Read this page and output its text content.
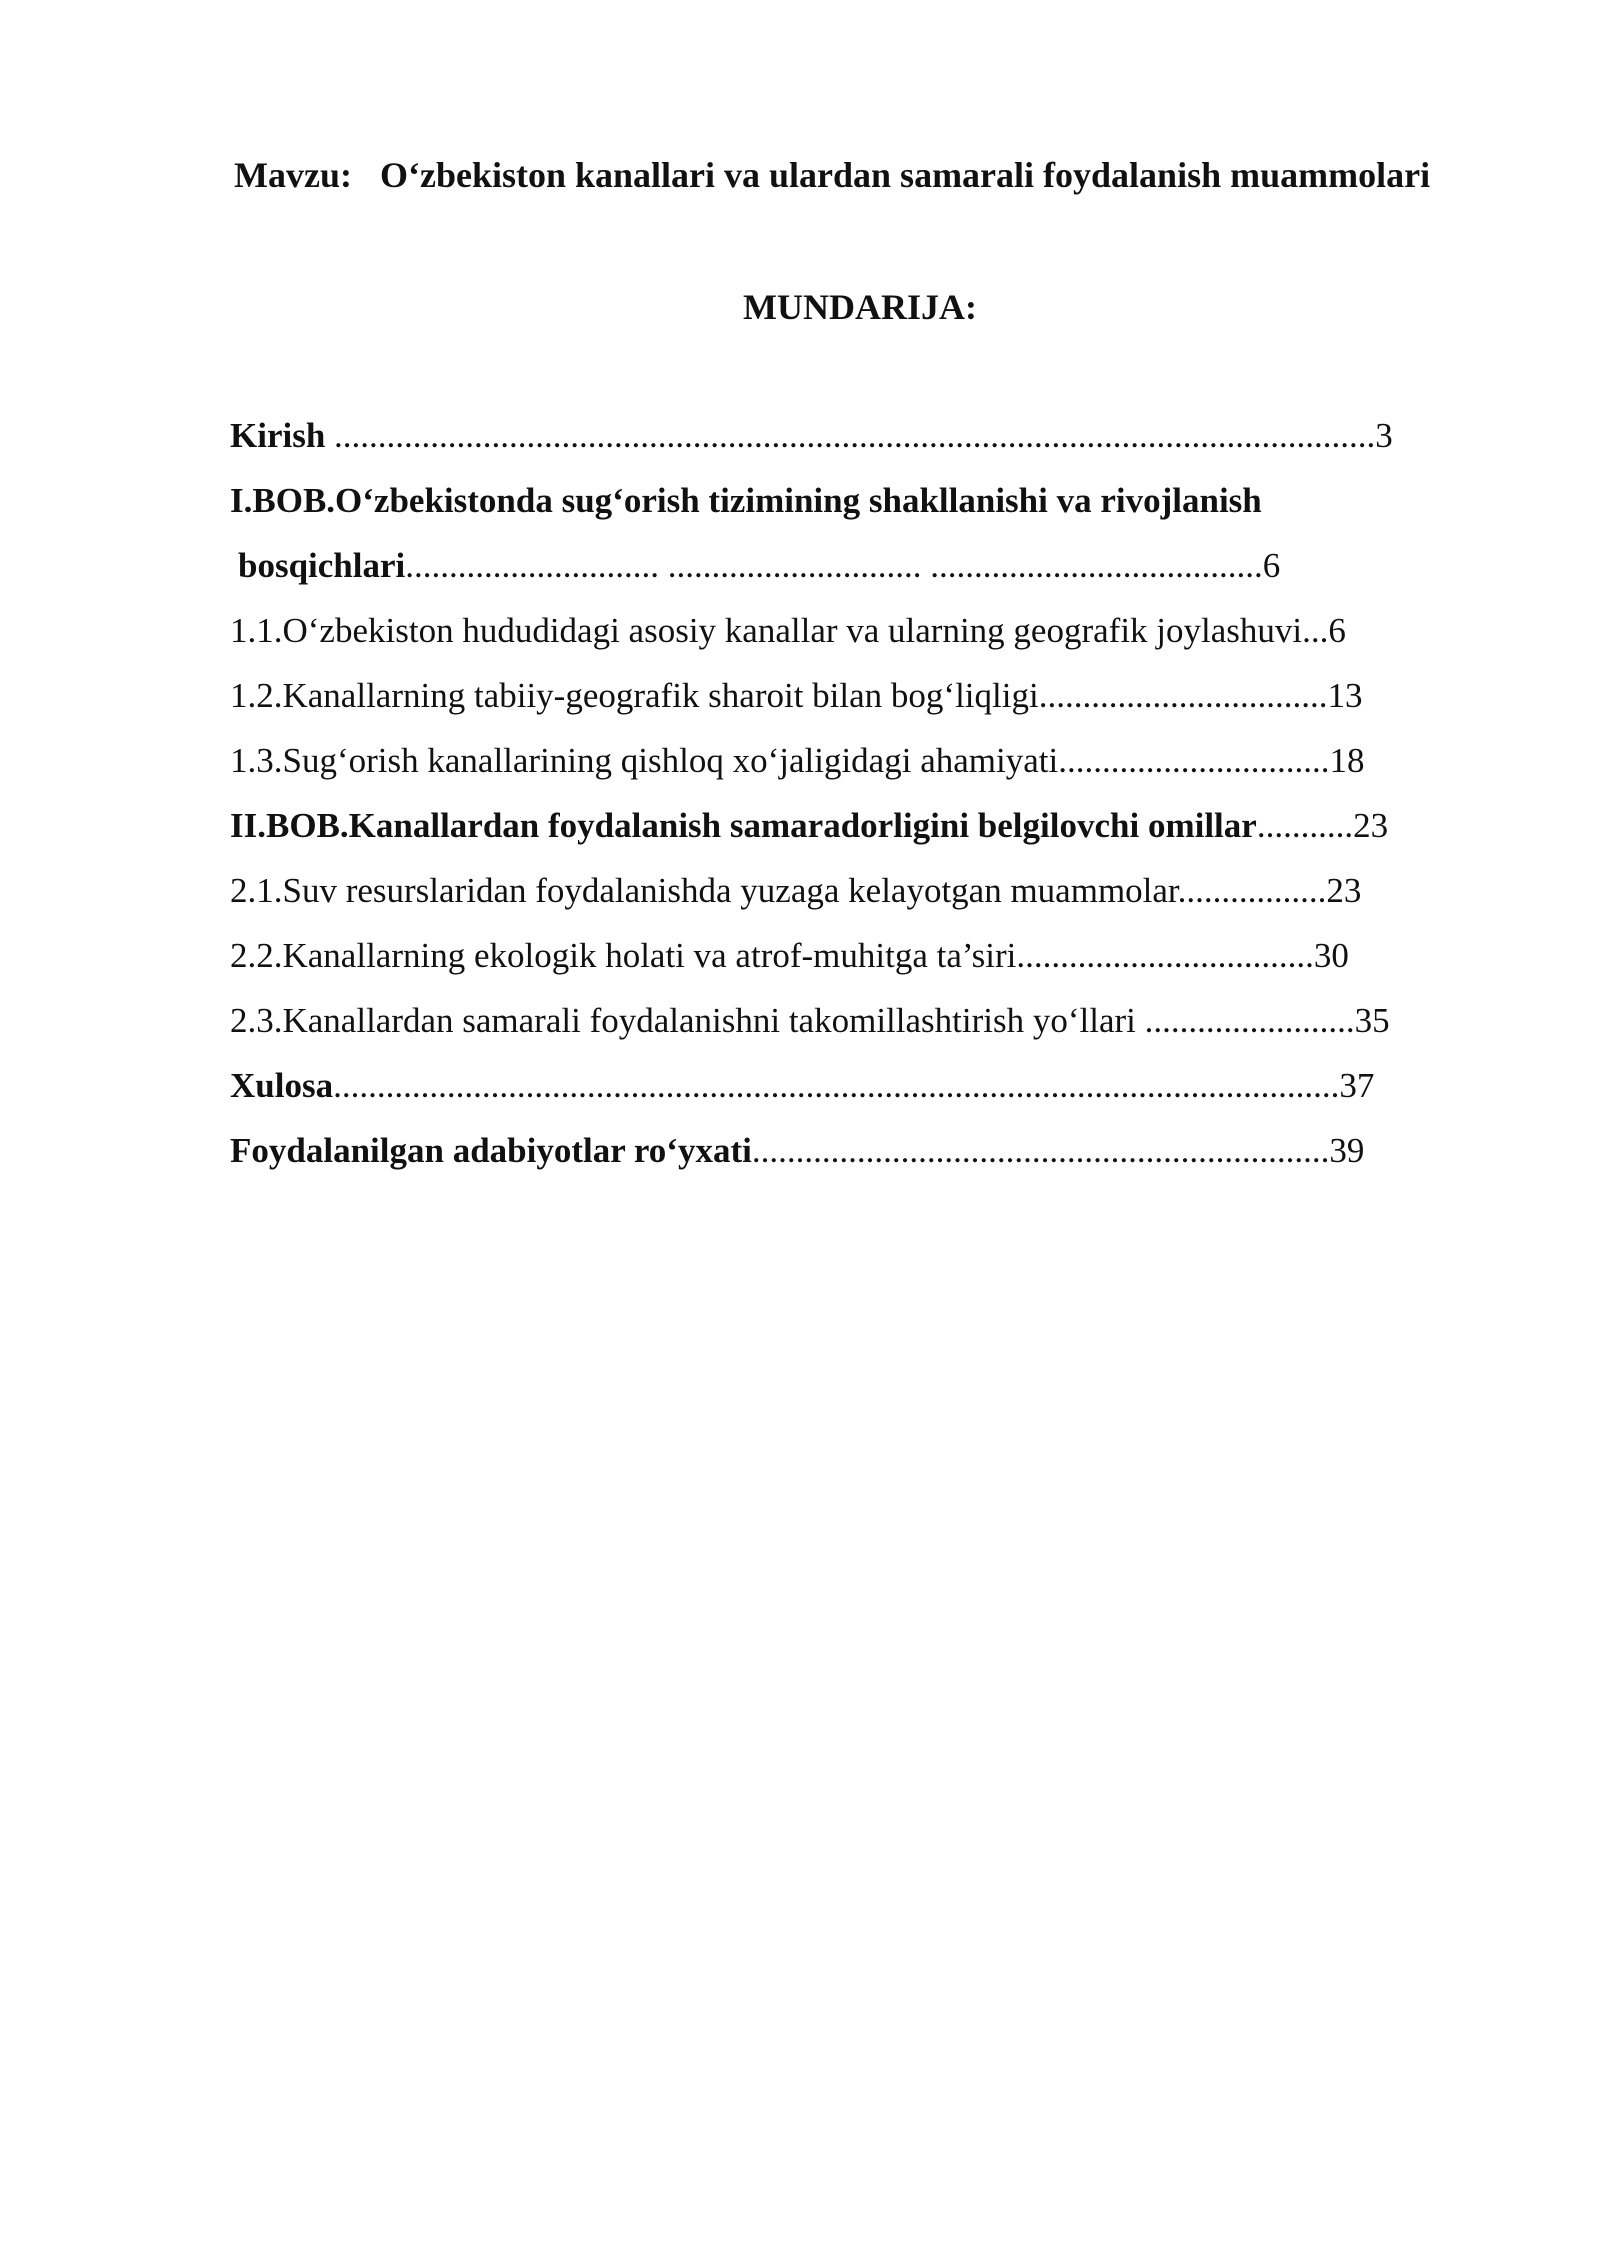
Mavzu: O‘zbekiston kanallari va ulardan samarali foydalanish muammolari
MUNDARIJA:
Kirish .......................................................................................................................3
I.BOB.O‘zbekistonda sug‘orish tizimining shakllanishi va rivojlanish
bosqichlari............................. ............................. ......................................6
1.1.O‘zbekiston hududidagi asosiy kanallar va ularning geografik joylashuvi...6
1.2.Kanallarning tabiiy-geografik sharoit bilan bog‘liqligi.................................13
1.3.Sug‘orish kanallarining qishloq xo‘jaligidagi ahamiyati...............................18
II.BOB.Kanallardan foydalanish samaradorligini belgilovchi omillar...........23
2.1.Suv resurslaridan foydalanishda yuzaga kelayotgan muammolar.................23
2.2.Kanallarning ekologik holati va atrof-muhitga ta’siri..................................30
2.3.Kanallardan samarali foydalanishni takomillashtirish yo‘llari ........................35
Xulosa...................................................................................................................37
Foydalanilgan adabiyotlar ro‘yxati..................................................................39
